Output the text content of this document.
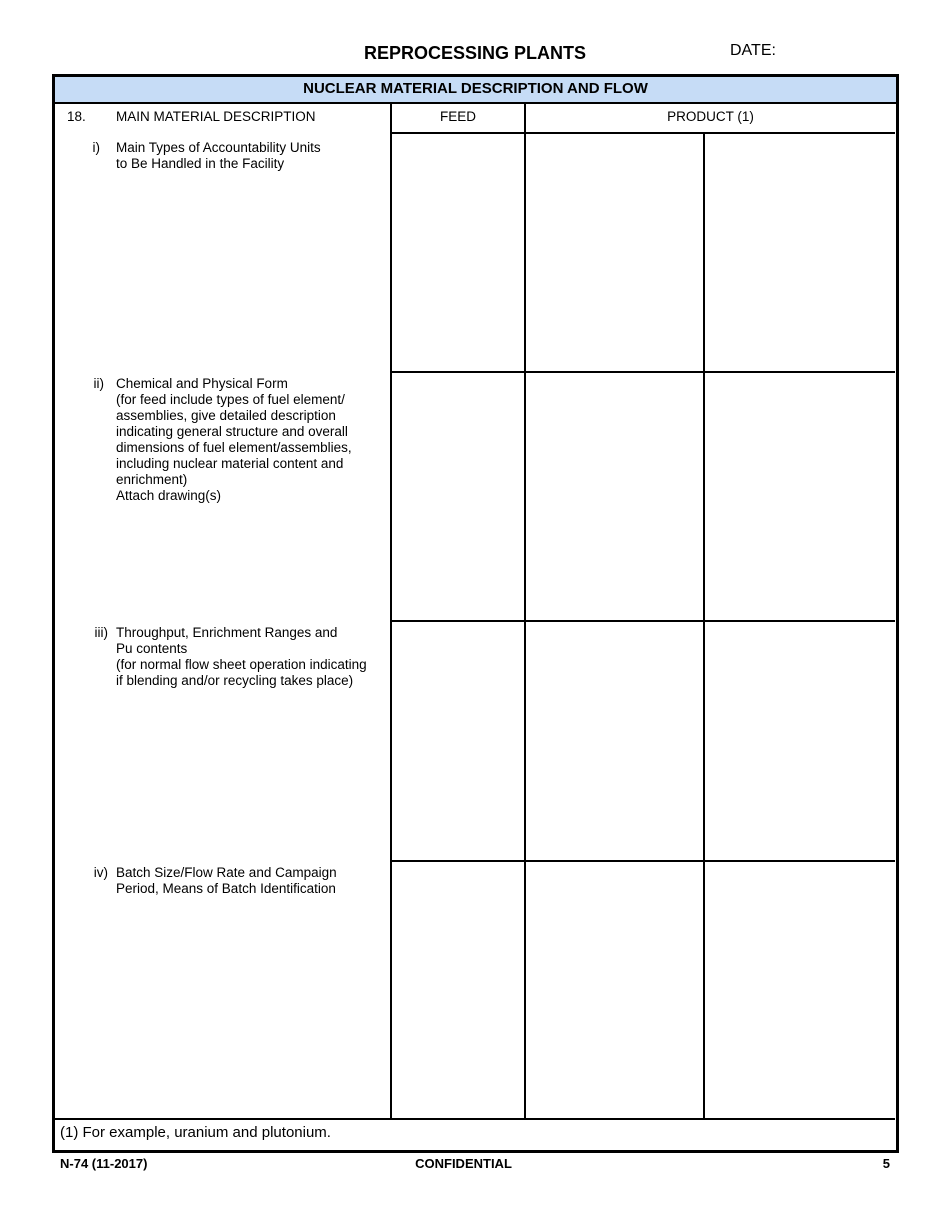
REPROCESSING PLANTS	DATE:
NUCLEAR MATERIAL DESCRIPTION AND FLOW
18. MAIN MATERIAL DESCRIPTION	FEED	PRODUCT (1)
i) Main Types of Accountability Units
to Be Handled in the Facility
ii) Chemical and Physical Form
(for feed include types of fuel element/
assemblies, give detailed description
indicating general structure and overall
dimensions of fuel element/assemblies,
including nuclear material content and
enrichment)
Attach drawing(s)
iii) Throughput, Enrichment Ranges and
Pu contents
(for normal flow sheet operation indicating
if blending and/or recycling takes place)
iv) Batch Size/Flow Rate and Campaign
Period, Means of Batch Identification
(1) For example, uranium and plutonium.
N-74 (11-2017)	CONFIDENTIAL	5
